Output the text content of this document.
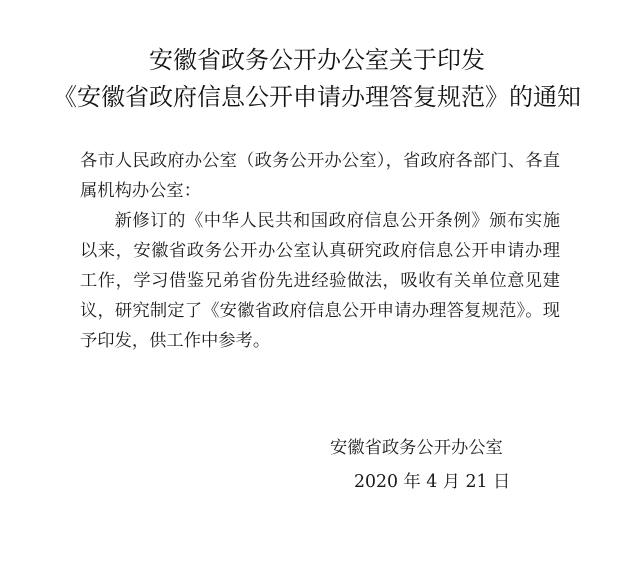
安徽省政务公开办公室关于印发
《安徽省政府信息公开申请办理答复规范》的通知

各市人民政府办公室（政务公开办公室），省政府各部门、各直属机构办公室：

新修订的《中华人民共和国政府信息公开条例》颁布实施以来，安徽省政务公开办公室认真研究政府信息公开申请办理工作，学习借鉴兄弟省份先进经验做法，吸收有关单位意见建议，研究制定了《安徽省政府信息公开申请办理答复规范》。现予印发，供工作中参考。

安徽省政务公开办公室
2020 年 4 月 21 日
